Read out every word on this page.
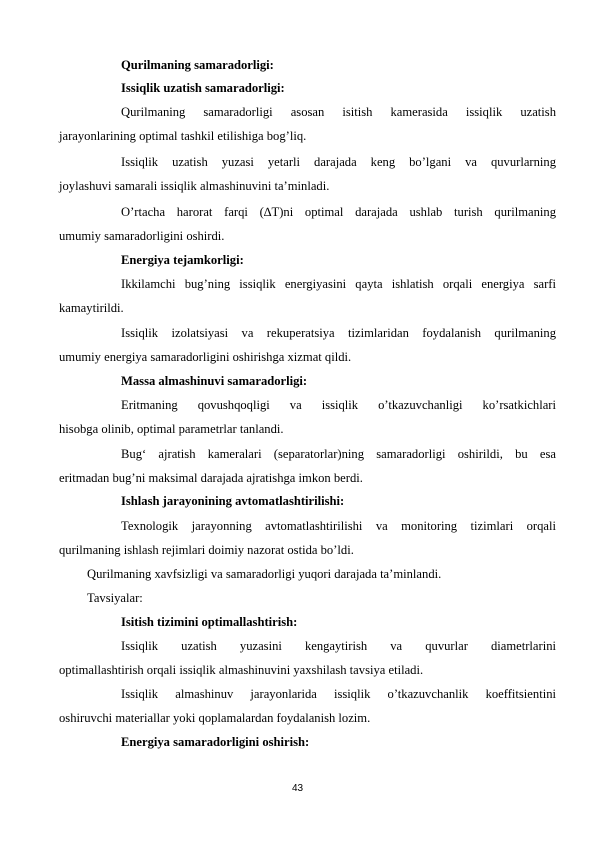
Qurilmaning samaradorligi:
Issiqlik uzatish samaradorligi:
Qurilmaning samaradorligi asosan isitish kamerasida issiqlik uzatish
jarayonlarining optimal tashkil etilishiga bog’liq.
Issiqlik uzatish yuzasi yetarli darajada keng bo’lgani va quvurlarning
joylashuvi samarali issiqlik almashinuvini ta’minladi.
O’rtacha harorat farqi (∆T)ni optimal darajada ushlab turish qurilmaning
umumiy samaradorligini oshirdi.
Energiya tejamkorligi:
Ikkilamchi bug’ning issiqlik energiyasini qayta ishlatish orqali energiya sarfi
kamaytirildi.
Issiqlik izolatsiyasi va rekuperatsiya tizimlaridan foydalanish qurilmaning
umumiy energiya samaradorligini oshirishga xizmat qildi.
Massa almashinuvi samaradorligi:
Eritmaning qovushqoqligi va issiqlik o’tkazuvchanligi ko’rsatkichlari
hisobga olinib, optimal parametrlar tanlandi.
Bug‘ ajratish kameralari (separatorlar)ning samaradorligi oshirildi, bu esa
eritmadan bug’ni maksimal darajada ajratishga imkon berdi.
Ishlash jarayonining avtomatlashtirilishi:
Texnologik jarayonning avtomatlashtirilishi va monitoring tizimlari orqali
qurilmaning ishlash rejimlari doimiy nazorat ostida bo’ldi.
Qurilmaning xavfsizligi va samaradorligi yuqori darajada ta’minlandi.
Tavsiyalar:
Isitish tizimini optimallashtirish:
Issiqlik uzatish yuzasini kengaytirish va quvurlar diametrlarini
optimallashtirish orqali issiqlik almashinuvini yaxshilash tavsiya etiladi.
Issiqlik almashinuv jarayonlarida issiqlik o’tkazuvchanlik koeffitsientini
oshiruvchi materiallar yoki qoplamalardan foydalanish lozim.
Energiya samaradorligini oshirish:
43
